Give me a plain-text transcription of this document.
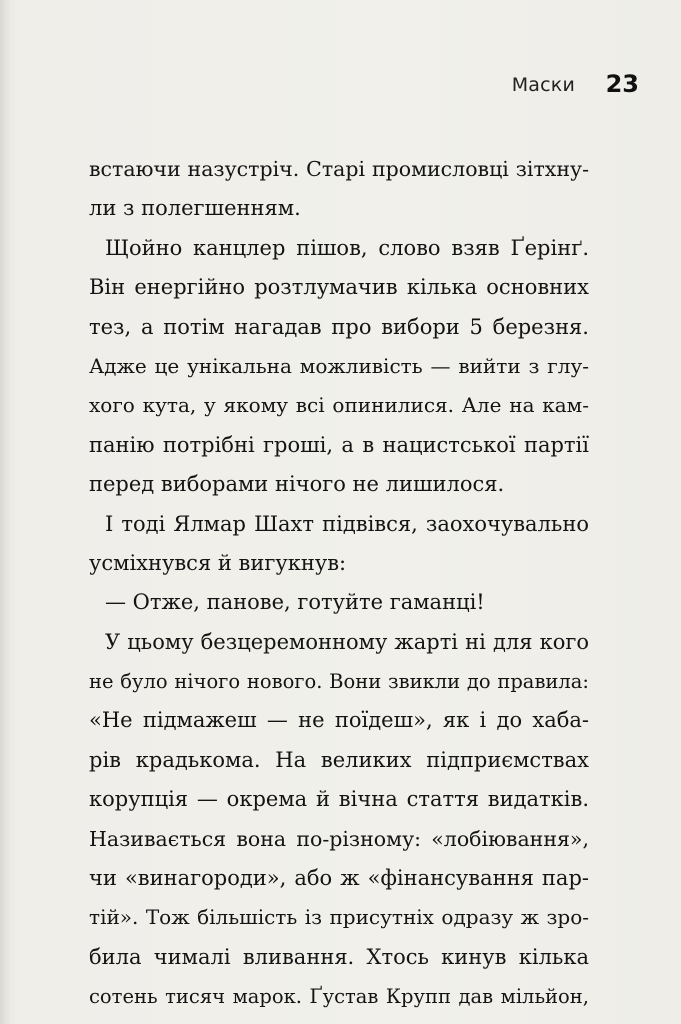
Маски 23
встаючи назустріч. Старі промисловці зітхну-
ли з полегшенням.
Щойно канцлер пішов, слово взяв Ґерінґ.
Він енергійно розтлумачив кілька основних
тез, а потім нагадав про вибори 5 березня.
Адже це унікальна можливість — вийти з глу-
хого кута, у якому всі опинилися. Але на кам-
панію потрібні гроші, а в нацистської партії
перед виборами нічого не лишилося.
І тоді Ялмар Шахт підвівся, заохочувально
усміхнувся й вигукнув:
— Отже, панове, готуйте гаманці!
У цьому безцеремонному жарті ні для кого
не було нічого нового. Вони звикли до правила:
«Не підмажеш — не поїдеш», як і до хаба-
рів крадькома. На великих підприємствах
корупція — окрема й вічна стаття видатків.
Називається вона по-різному: «лобіювання»,
чи «винагороди», або ж «фінансування пар-
тій». Тож більшість із присутніх одразу ж зро-
била чималі вливання. Хтось кинув кілька
сотень тисяч марок. Ґустав Крупп дав мільйон,
